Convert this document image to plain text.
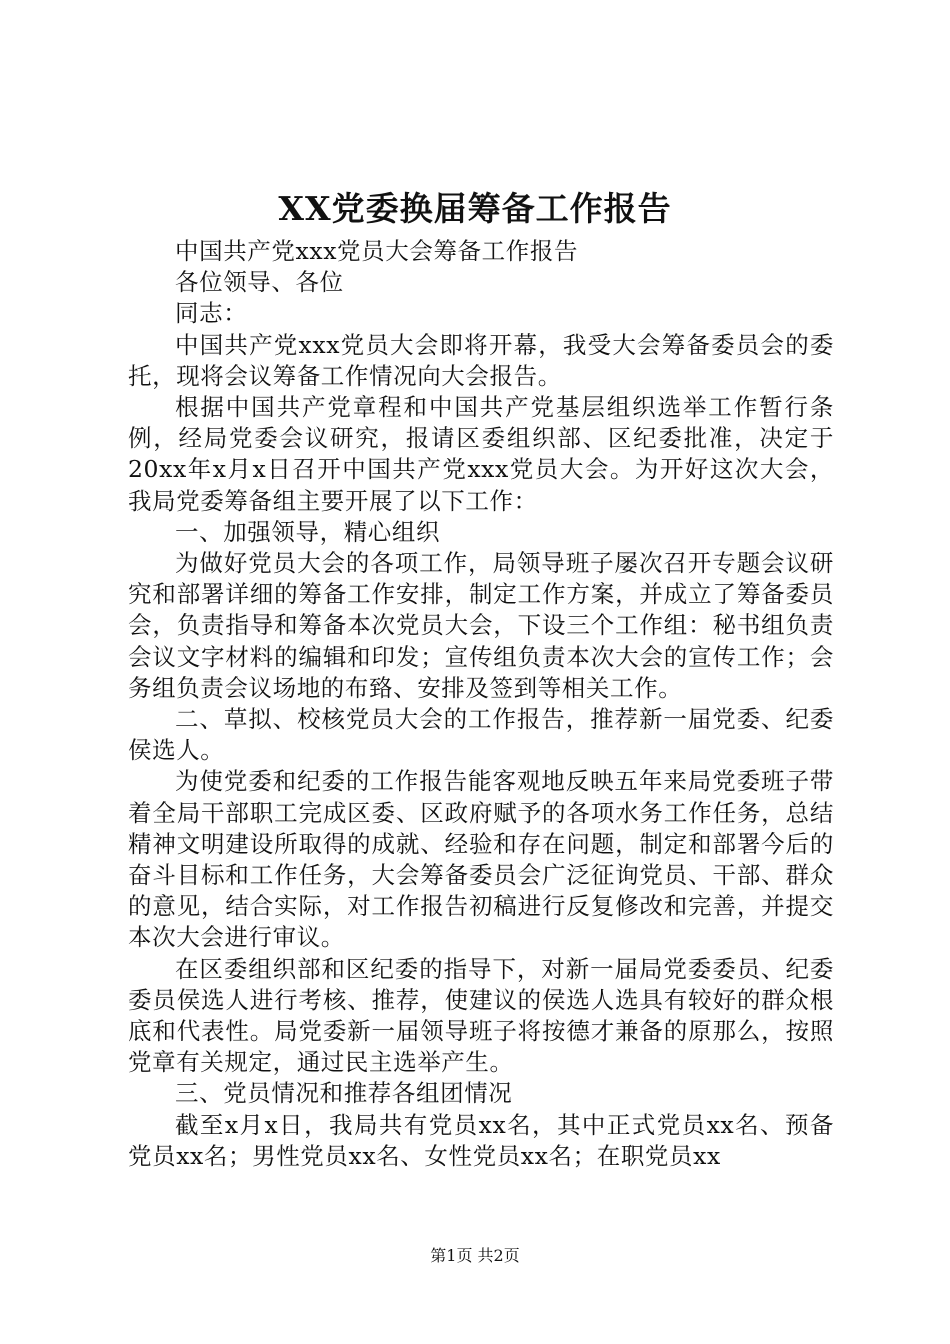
XX党委换届筹备工作报告

中国共产党xxx党员大会筹备工作报告

各位领导、各位

同志：

中国共产党xxx党员大会即将开幕，我受大会筹备委员会的委托，现将会议筹备工作情况向大会报告。

根据中国共产党章程和中国共产党基层组织选举工作暂行条例，经局党委会议研究，报请区委组织部、区纪委批准，决定于20xx年x月x日召开中国共产党xxx党员大会。为开好这次大会，我局党委筹备组主要开展了以下工作：

一、加强领导，精心组织

为做好党员大会的各项工作，局领导班子屡次召开专题会议研究和部署详细的筹备工作安排，制定工作方案，并成立了筹备委员会，负责指导和筹备本次党员大会，下设三个工作组：秘书组负责会议文字材料的编辑和印发；宣传组负责本次大会的宣传工作；会务组负责会议场地的布臵、安排及签到等相关工作。

二、草拟、校核党员大会的工作报告，推荐新一届党委、纪委侯选人。

为使党委和纪委的工作报告能客观地反映五年来局党委班子带着全局干部职工完成区委、区政府赋予的各项水务工作任务，总结精神文明建设所取得的成就、经验和存在问题，制定和部署今后的奋斗目标和工作任务，大会筹备委员会广泛征询党员、干部、群众的意见，结合实际，对工作报告初稿进行反复修改和完善，并提交本次大会进行审议。

在区委组织部和区纪委的指导下，对新一届局党委委员、纪委委员侯选人进行考核、推荐，使建议的侯选人选具有较好的群众根底和代表性。局党委新一届领导班子将按德才兼备的原那么，按照党章有关规定，通过民主选举产生。

三、党员情况和推荐各组团情况

截至x月x日，我局共有党员xx名，其中正式党员xx名、预备党员xx名；男性党员xx名、女性党员xx名；在职党员xx

第1页 共2页
